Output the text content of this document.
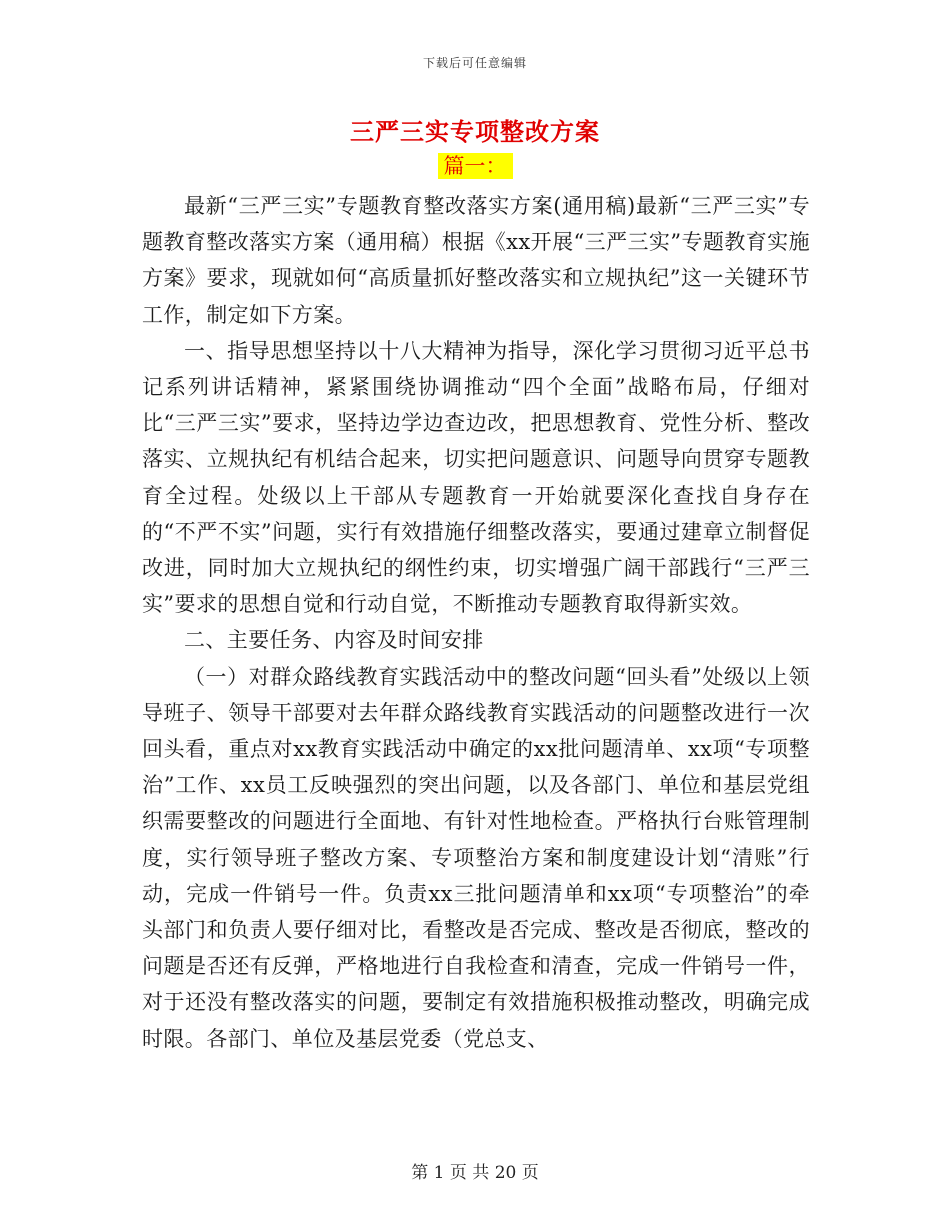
下载后可任意编辑
三严三实专项整改方案
篇一：

最新“三严三实”专题教育整改落实方案(通用稿)最新“三严三实”专题教育整改落实方案（通用稿）根据《xx开展“三严三实”专题教育实施方案》要求，现就如何“高质量抓好整改落实和立规执纪”这一关键环节工作，制定如下方案。

一、指导思想坚持以十八大精神为指导，深化学习贯彻习近平总书记系列讲话精神，紧紧围绕协调推动“四个全面”战略布局，仔细对比“三严三实”要求，坚持边学边查边改，把思想教育、党性分析、整改落实、立规执纪有机结合起来，切实把问题意识、问题导向贯穿专题教育全过程。处级以上干部从专题教育一开始就要深化查找自身存在的“不严不实”问题，实行有效措施仔细整改落实，要通过建章立制督促改进，同时加大立规执纪的纲性约束，切实增强广阔干部践行“三严三实”要求的思想自觉和行动自觉，不断推动专题教育取得新实效。

二、主要任务、内容及时间安排

（一）对群众路线教育实践活动中的整改问题“回头看”处级以上领导班子、领导干部要对去年群众路线教育实践活动的问题整改进行一次回头看，重点对xx教育实践活动中确定的xx批问题清单、xx项“专项整治”工作、xx员工反映强烈的突出问题，以及各部门、单位和基层党组织需要整改的问题进行全面地、有针对性地检查。严格执行台账管理制度，实行领导班子整改方案、专项整治方案和制度建设计划“清账”行动，完成一件销号一件。负责xx三批问题清单和xx项“专项整治”的牵头部门和负责人要仔细对比，看整改是否完成、整改是否彻底，整改的问题是否还有反弹，严格地进行自我检查和清查，完成一件销号一件，对于还没有整改落实的问题，要制定有效措施积极推动整改，明确完成时限。各部门、单位及基层党委（党总支、

第 1 页 共 20 页
